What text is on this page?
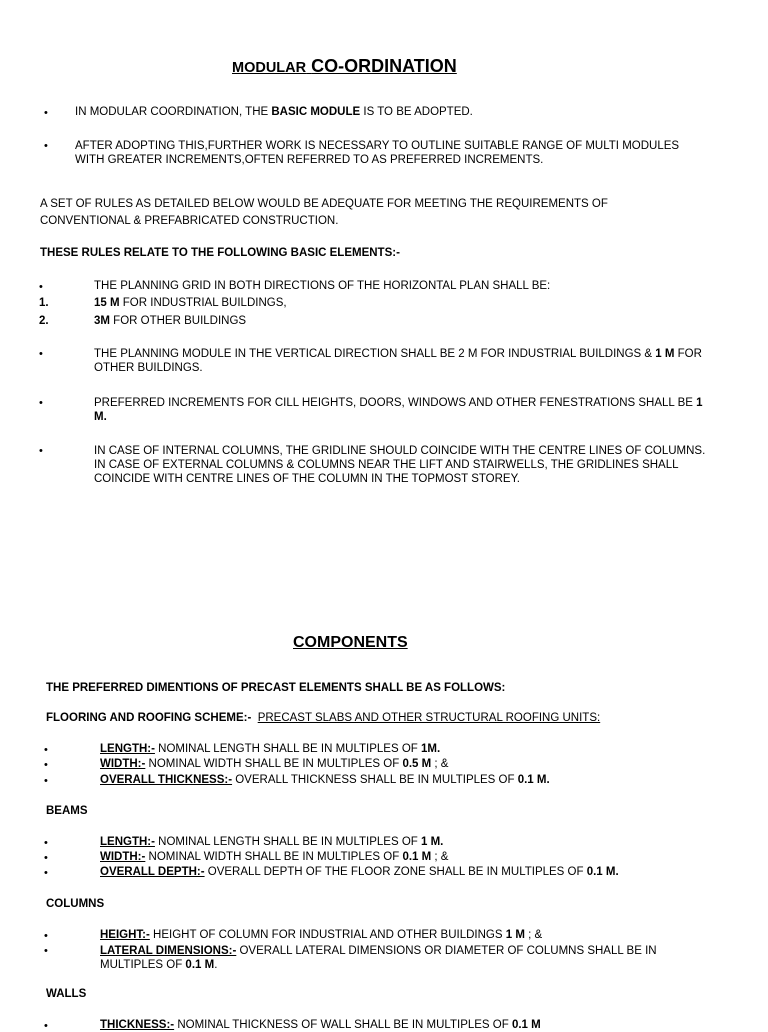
MODULAR CO-ORDINATION
• IN MODULAR COORDINATION, THE BASIC MODULE IS TO BE ADOPTED.
• AFTER ADOPTING THIS,FURTHER WORK IS NECESSARY TO OUTLINE SUITABLE RANGE OF MULTI MODULES
WITH GREATER INCREMENTS,OFTEN REFERRED TO AS PREFERRED INCREMENTS.
A SET OF RULES AS DETAILED BELOW WOULD BE ADEQUATE FOR MEETING THE REQUIREMENTS OF
CONVENTIONAL & PREFABRICATED CONSTRUCTION.
THESE RULES RELATE TO THE FOLLOWING BASIC ELEMENTS:-
•	THE PLANNING GRID IN BOTH DIRECTIONS OF THE HORIZONTAL PLAN SHALL BE:
1.	15 M FOR INDUSTRIAL BUILDINGS,
2.	3M FOR OTHER BUILDINGS
•	THE PLANNING MODULE IN THE VERTICAL DIRECTION SHALL BE 2 M FOR INDUSTRIAL BUILDINGS & 1 M FOR
OTHER BUILDINGS.
•	PREFERRED INCREMENTS FOR CILL HEIGHTS, DOORS, WINDOWS AND OTHER FENESTRATIONS SHALL BE 1
M.
•	IN CASE OF INTERNAL COLUMNS, THE GRIDLINE SHOULD COINCIDE WITH THE CENTRE LINES OF COLUMNS.
IN CASE OF EXTERNAL COLUMNS & COLUMNS NEAR THE LIFT AND STAIRWELLS, THE GRIDLINES SHALL
COINCIDE WITH CENTRE LINES OF THE COLUMN IN THE TOPMOST STOREY.
COMPONENTS
THE PREFERRED DIMENTIONS OF PRECAST ELEMENTS SHALL BE AS FOLLOWS:
FLOORING AND ROOFING SCHEME:- PRECAST SLABS AND OTHER STRUCTURAL ROOFING UNITS:
•	LENGTH:- NOMINAL LENGTH SHALL BE IN MULTIPLES OF 1M.
•	WIDTH:- NOMINAL WIDTH SHALL BE IN MULTIPLES OF 0.5 M ; &
•	OVERALL THICKNESS:- OVERALL THICKNESS SHALL BE IN MULTIPLES OF 0.1 M.
BEAMS
•	LENGTH:- NOMINAL LENGTH SHALL BE IN MULTIPLES OF 1 M.
•	WIDTH:- NOMINAL WIDTH SHALL BE IN MULTIPLES OF 0.1 M ; &
•	OVERALL DEPTH:- OVERALL DEPTH OF THE FLOOR ZONE SHALL BE IN MULTIPLES OF 0.1 M.
COLUMNS
•	HEIGHT:- HEIGHT OF COLUMN FOR INDUSTRIAL AND OTHER BUILDINGS 1 M ; &
•	LATERAL DIMENSIONS:- OVERALL LATERAL DIMENSIONS OR DIAMETER OF COLUMNS SHALL BE IN
MULTIPLES OF 0.1 M.
WALLS
•	THICKNESS:- NOMINAL THICKNESS OF WALL SHALL BE IN MULTIPLES OF 0.1 M
